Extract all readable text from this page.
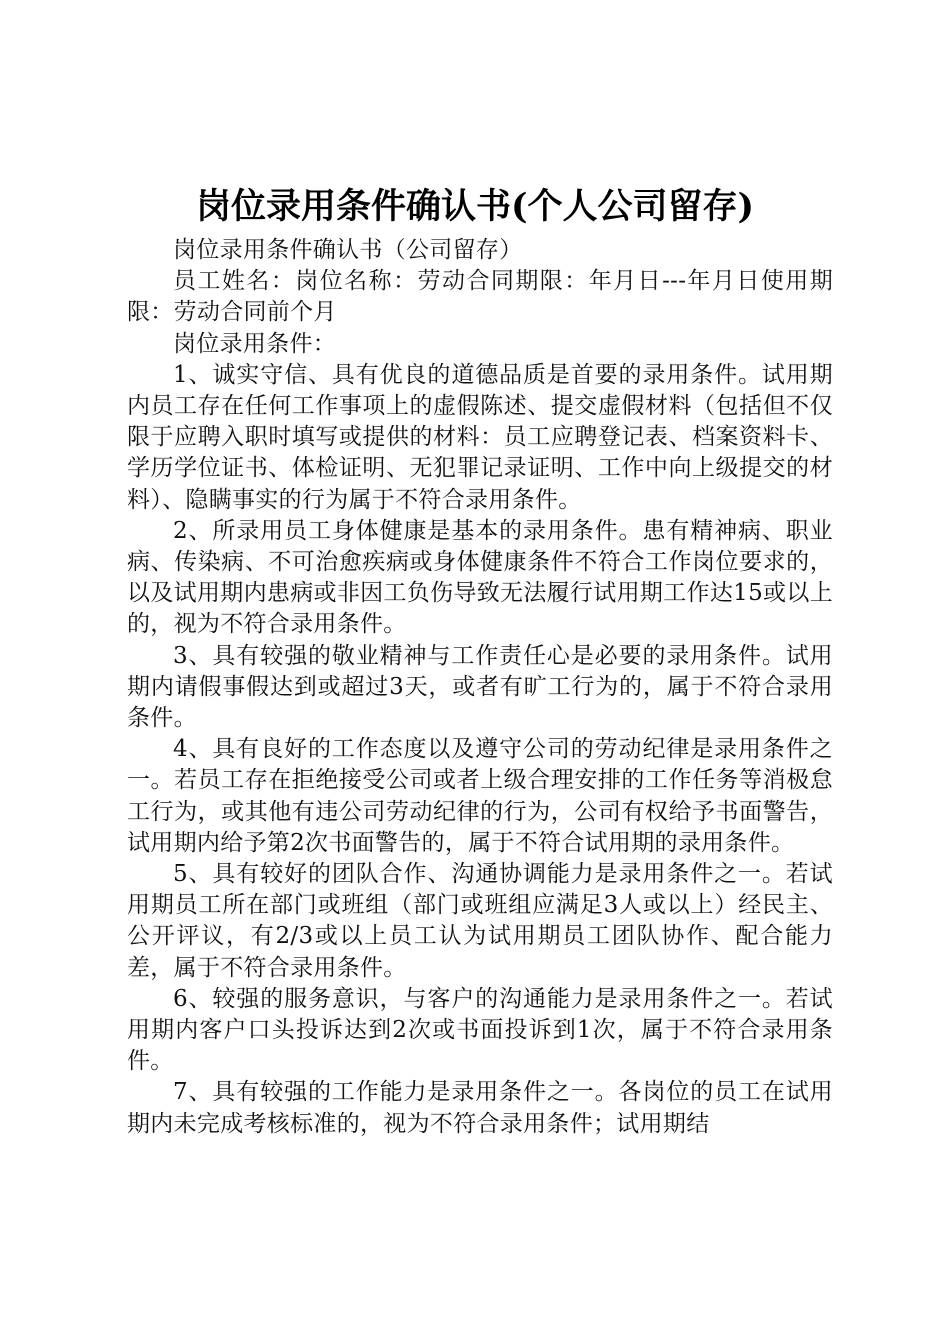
岗位录用条件确认书(个人公司留存)

岗位录用条件确认书（公司留存）

员工姓名：岗位名称：劳动合同期限：年月日---年月日使用期限：劳动合同前个月

岗位录用条件：

1、诚实守信、具有优良的道德品质是首要的录用条件。试用期内员工存在任何工作事项上的虚假陈述、提交虚假材料（包括但不仅限于应聘入职时填写或提供的材料：员工应聘登记表、档案资料卡、学历学位证书、体检证明、无犯罪记录证明、工作中向上级提交的材料）、隐瞒事实的行为属于不符合录用条件。

2、所录用员工身体健康是基本的录用条件。患有精神病、职业病、传染病、不可治愈疾病或身体健康条件不符合工作岗位要求的，以及试用期内患病或非因工负伤导致无法履行试用期工作达15或以上的，视为不符合录用条件。

3、具有较强的敬业精神与工作责任心是必要的录用条件。试用期内请假事假达到或超过3天，或者有旷工行为的，属于不符合录用条件。

4、具有良好的工作态度以及遵守公司的劳动纪律是录用条件之一。若员工存在拒绝接受公司或者上级合理安排的工作任务等消极怠工行为，或其他有违公司劳动纪律的行为，公司有权给予书面警告，试用期内给予第2次书面警告的，属于不符合试用期的录用条件。

5、具有较好的团队合作、沟通协调能力是录用条件之一。若试用期员工所在部门或班组（部门或班组应满足3人或以上）经民主、公开评议，有2/3或以上员工认为试用期员工团队协作、配合能力差，属于不符合录用条件。

6、较强的服务意识，与客户的沟通能力是录用条件之一。若试用期内客户口头投诉达到2次或书面投诉到1次，属于不符合录用条件。

7、具有较强的工作能力是录用条件之一。各岗位的员工在试用期内未完成考核标准的，视为不符合录用条件；试用期结
